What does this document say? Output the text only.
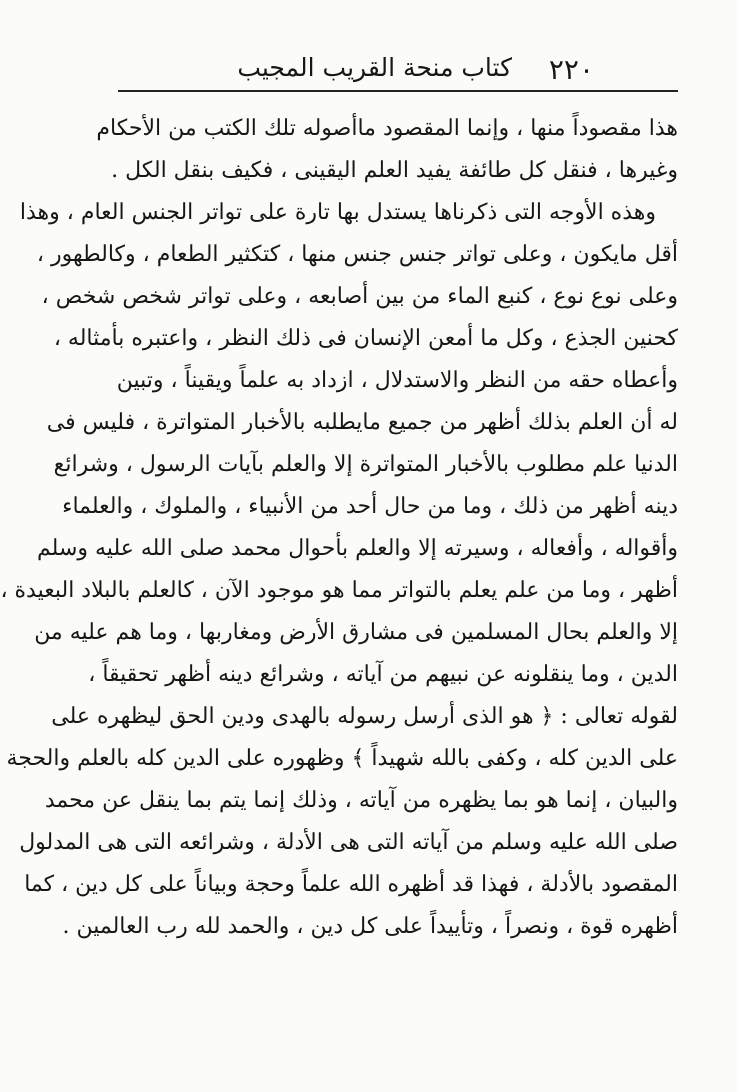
٢٢٠
كتاب منحة القريب المجيب
هذا مقصوداً منها ، وإنما المقصود ماأصوله تلك الكتب من الأحكام
وغيرها ، فنقل كل طائفة يفيد العلم اليقينى ، فكيف بنقل الكل .
وهذه الأوجه التى ذكرناها يستدل بها تارة على تواتر الجنس العام ، وهذا
أقل مايكون ، وعلى تواتر جنس جنس منها ، كتكثير الطعام ، وكالطهور ،
وعلى نوع نوع ، كنبع الماء من بين أصابعه ، وعلى تواتر شخص شخص ،
كحنين الجذع ، وكل ما أمعن الإنسان فى ذلك النظر ، واعتبره بأمثاله ،
وأعطاه حقه من النظر والاستدلال ، ازداد به علماً ويقيناً ، وتبين
له أن العلم بذلك أظهر من جميع مايطلبه بالأخبار المتواترة ، فليس فى
الدنيا علم مطلوب بالأخبار المتواترة إلا والعلم بآيات الرسول ، وشرائع
دينه أظهر من ذلك ، وما من حال أحد من الأنبياء ، والملوك ، والعلماء
وأقواله ، وأفعاله ، وسيرته إلا والعلم بأحوال محمد صلى الله عليه وسلم
أظهر ، وما من علم يعلم بالتواتر مما هو موجود الآن ، كالعلم بالبلاد البعيدة ،
إلا والعلم بحال المسلمين فى مشارق الأرض ومغاربها ، وما هم عليه من
الدين ، وما ينقلونه عن نبيهم من آياته ، وشرائع دينه أظهر تحقيقاً ،
لقوله تعالى : ﴿ هو الذى أرسل رسوله بالهدى ودين الحق ليظهره على
على الدين كله ، وكفى بالله شهيداً ﴾ وظهوره على الدين كله بالعلم والحجة
والبيان ، إنما هو بما يظهره من آياته ، وذلك إنما يتم بما ينقل عن محمد
صلى الله عليه وسلم من آياته التى هى الأدلة ، وشرائعه التى هى المدلول
المقصود بالأدلة ، فهذا قد أظهره الله علماً وحجة وبياناً على كل دين ، كما
أظهره قوة ، ونصراً ، وتأييداً على كل دين ، والحمد لله رب العالمين .
